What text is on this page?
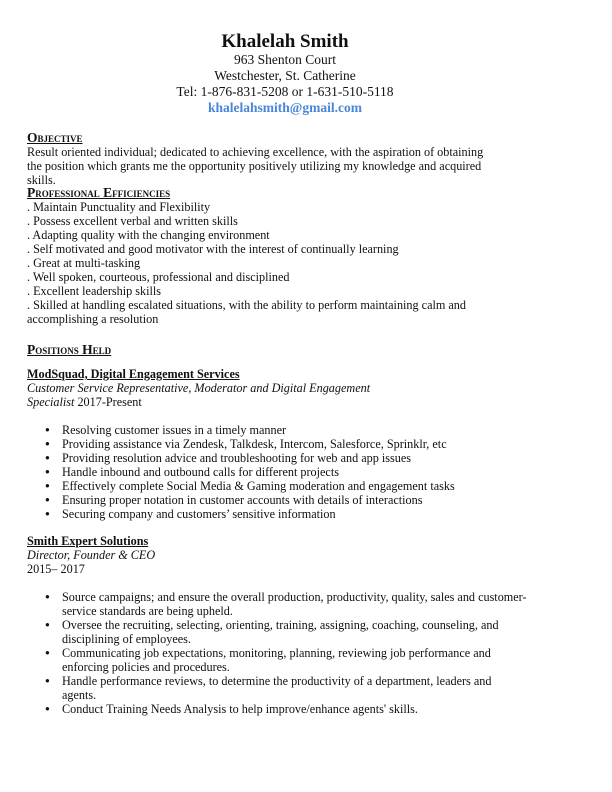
Khalelah Smith
963 Shenton Court
Westchester, St. Catherine
Tel: 1-876-831-5208 or 1-631-510-5118
khalelahsmith@gmail.com
Objective
Result oriented individual; dedicated to achieving excellence, with the aspiration of obtaining the position which grants me the opportunity positively utilizing my knowledge and acquired skills.
Professional Efficiencies
. Maintain Punctuality and Flexibility
. Possess excellent verbal and written skills
. Adapting quality with the changing environment
. Self motivated and good motivator with the interest of continually learning
. Great at multi-tasking
. Well spoken, courteous, professional and disciplined
. Excellent leadership skills
. Skilled at handling escalated situations, with the ability to perform maintaining calm and accomplishing a resolution
Positions Held
ModSquad, Digital Engagement Services
Customer Service Representative, Moderator and Digital Engagement Specialist 2017-Present
● Resolving customer issues in a timely manner
● Providing assistance via Zendesk, Talkdesk, Intercom, Salesforce, Sprinklr, etc
● Providing resolution advice and troubleshooting for web and app issues
● Handle inbound and outbound calls for different projects
● Effectively complete Social Media & Gaming moderation and engagement tasks
● Ensuring proper notation in customer accounts with details of interactions
● Securing company and customers’ sensitive information
Smith Expert Solutions
Director, Founder & CEO
2015– 2017
● Source campaigns; and ensure the overall production, productivity, quality, sales and customer-service standards are being upheld.
● Oversee the recruiting, selecting, orienting, training, assigning, coaching, counseling, and disciplining of employees.
● Communicating job expectations, monitoring, planning, reviewing job performance and enforcing policies and procedures.
● Handle performance reviews, to determine the productivity of a department, leaders and agents.
● Conduct Training Needs Analysis to help improve/enhance agents' skills.
